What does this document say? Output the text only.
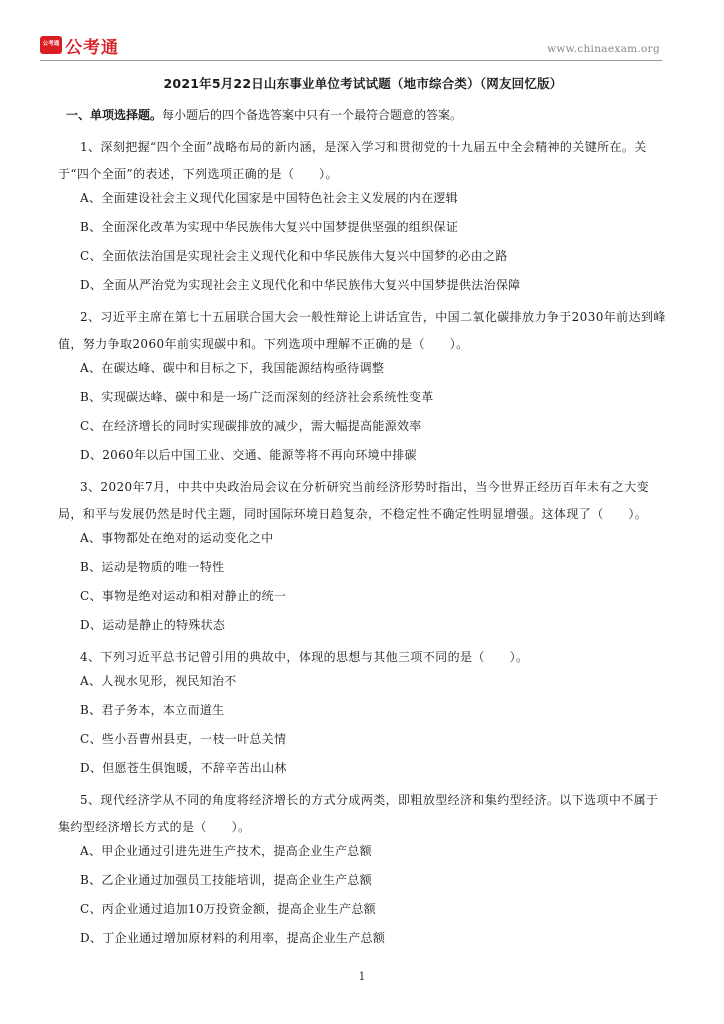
公考通 公考通	www.chinaexam.org
2021年5月22日山东事业单位考试试题（地市综合类）（网友回忆版）
一、单项选择题。每小题后的四个备选答案中只有一个最符合题意的答案。

1、深刻把握“四个全面”战略布局的新内涵，是深入学习和贯彻党的十九届五中全会精神的关键所在。关于“四个全面”的表述，下列选项正确的是（　　）。

A、全面建设社会主义现代化国家是中国特色社会主义发展的内在逻辑

B、全面深化改革为实现中华民族伟大复兴中国梦提供坚强的组织保证

C、全面依法治国是实现社会主义现代化和中华民族伟大复兴中国梦的必由之路

D、全面从严治党为实现社会主义现代化和中华民族伟大复兴中国梦提供法治保障

2、习近平主席在第七十五届联合国大会一般性辩论上讲话宣告，中国二氧化碳排放力争于2030年前达到峰值，努力争取2060年前实现碳中和。下列选项中理解不正确的是（　　）。

A、在碳达峰、碳中和目标之下，我国能源结构亟待调整

B、实现碳达峰、碳中和是一场广泛而深刻的经济社会系统性变革

C、在经济增长的同时实现碳排放的减少，需大幅提高能源效率

D、2060年以后中国工业、交通、能源等将不再向环境中排碳

3、2020年7月，中共中央政治局会议在分析研究当前经济形势时指出，当今世界正经历百年未有之大变局，和平与发展仍然是时代主题，同时国际环境日趋复杂，不稳定性不确定性明显增强。这体现了（　　）。

A、事物都处在绝对的运动变化之中

B、运动是物质的唯一特性

C、事物是绝对运动和相对静止的统一

D、运动是静止的特殊状态

4、下列习近平总书记曾引用的典故中，体现的思想与其他三项不同的是（　　）。

A、人视水见形，视民知治不

B、君子务本，本立而道生

C、些小吾曹州县吏，一枝一叶总关情

D、但愿苍生俱饱暖，不辞辛苦出山林

5、现代经济学从不同的角度将经济增长的方式分成两类，即粗放型经济和集约型经济。以下选项中不属于集约型经济增长方式的是（　　）。

A、甲企业通过引进先进生产技术，提高企业生产总额

B、乙企业通过加强员工技能培训，提高企业生产总额

C、丙企业通过追加10万投资金额，提高企业生产总额

D、丁企业通过增加原材料的利用率，提高企业生产总额

1
